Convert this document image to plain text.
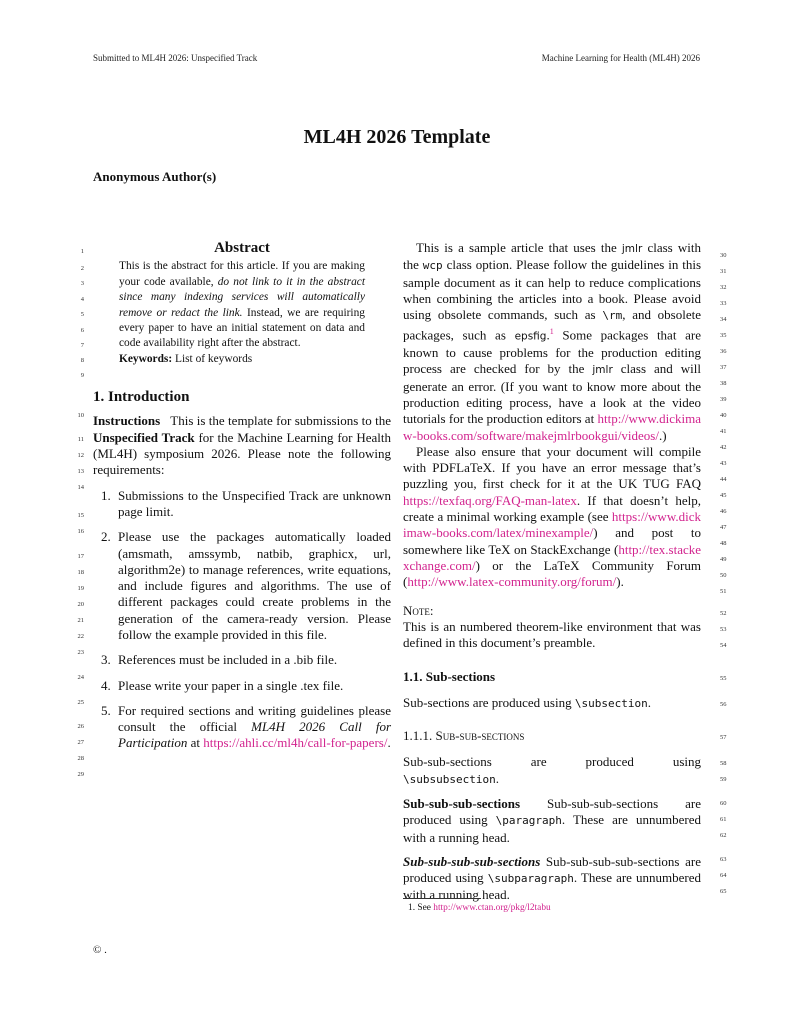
Submitted to ML4H 2026: Unspecified Track	Machine Learning for Health (ML4H) 2026
ML4H 2026 Template
Anonymous Author(s)
1
2
3
4
5
6
7
8
9
10
11
12
13
14
15
16
17
18
19
20
21
22
23
24
25
26
27
28
29
30
31
32
33
34
35
36
37
38
39
40
41
42
43
44
45
46
47
48
49
50
51
52
53
54
55
56
57
58
59
60
61
62
63
64
65
Abstract
This is the abstract for this article. If you are making your code available, do not link to it in the abstract since many indexing services will automatically remove or redact the link. Instead, we are requiring every paper to have an initial statement on data and code availability right after the abstract.
Keywords: List of keywords
1. Introduction
Instructions This is the template for submissions to the Unspecified Track for the Machine Learning for Health (ML4H) symposium 2026. Please note the following requirements:
1. Submissions to the Unspecified Track are unknown page limit.
2. Please use the packages automatically loaded (amsmath, amssymb, natbib, graphicx, url, algorithm2e) to manage references, write equations, and include figures and algorithms. The use of different packages could create problems in the generation of the camera-ready version. Please follow the example provided in this file.
3. References must be included in a .bib file.
4. Please write your paper in a single .tex file.
5. For required sections and writing guidelines please consult the official ML4H 2026 Call for Participation at https://ahli.cc/ml4h/call-for-papers/.
This is a sample article that uses the jmlr class with the wcp class option. Please follow the guidelines in this sample document as it can help to reduce complications when combining the articles into a book. Please avoid using obsolete commands, such as \rm, and obsolete packages, such as epsfig.$^1$ Some packages that are known to cause problems for the production editing process are checked for by the jmlr class and will generate an error. (If you want to know more about the production editing process, have a look at the video tutorials for the production editors at http://www.dickimaw-books.com/software/makejmlrbookgui/videos/.)
Please also ensure that your document will compile with PDFLaTeX. If you have an error message that’s puzzling you, first check for it at the UK TUG FAQ https://texfaq.org/FAQ-man-latex. If that doesn’t help, create a minimal working example (see https://www.dickimaw-books.com/latex/minexample/) and post to somewhere like TeX on StackExchange (http://tex.stackexchange.com/) or the LaTeX Community Forum (http://www.latex-community.org/forum/).
Note:
This is an numbered theorem-like environment that was defined in this document’s preamble.
1.1. Sub-sections
Sub-sections are produced using \subsection.
1.1.1. Sub-sub-sections
Sub-sub-sections	are	produced	using
\subsubsection.
Sub-sub-sub-sections Sub-sub-sub-sections are produced using \paragraph. These are unnumbered with a running head.
Sub-sub-sub-sub-sections Sub-sub-sub-sub-sections are produced using \subparagraph. These are unnumbered with a running head.
1. See http://www.ctan.org/pkg/l2tabu
© .
